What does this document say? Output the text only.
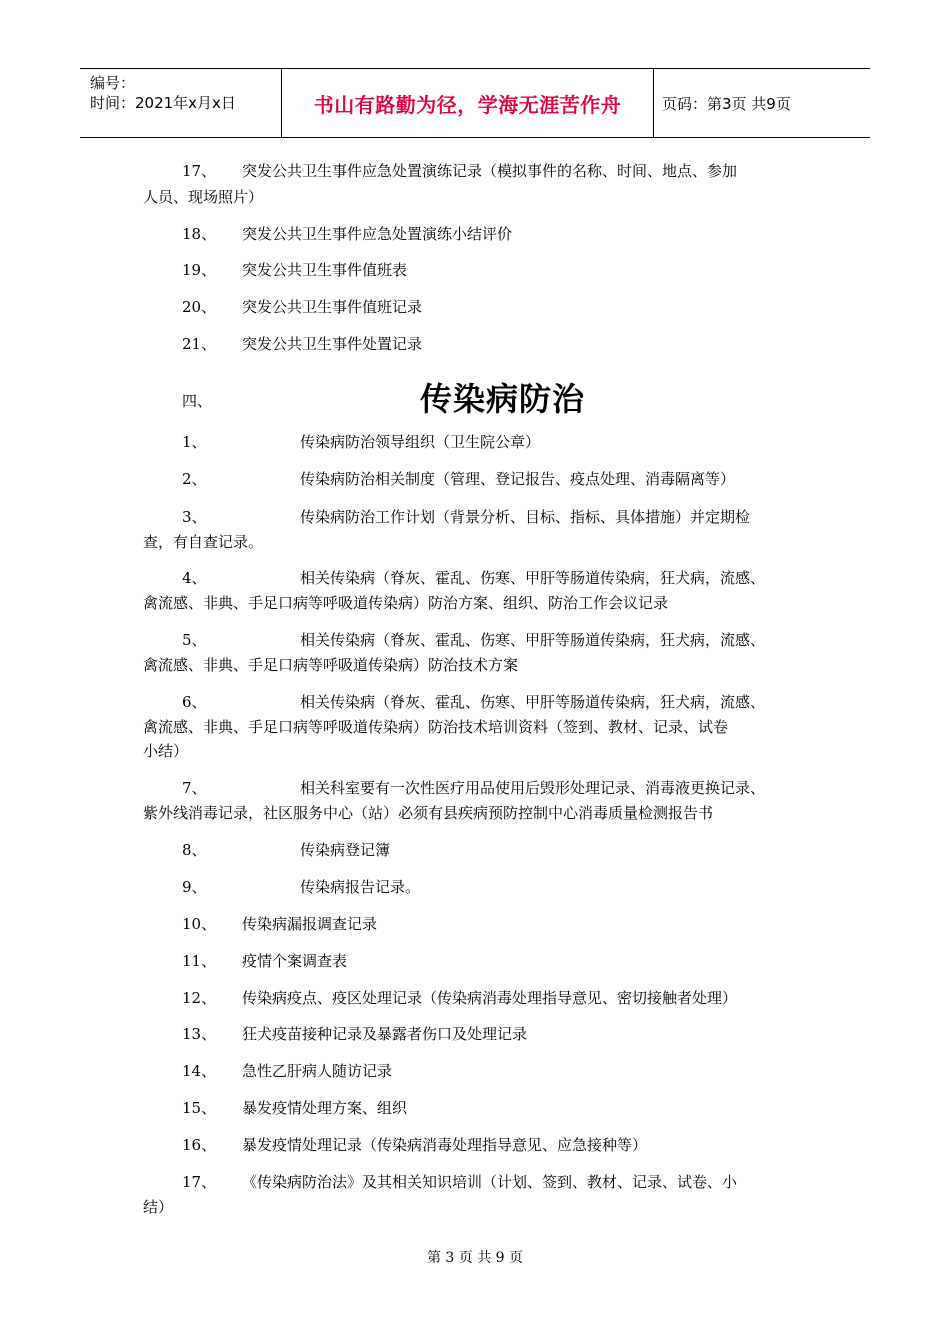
编号：
时间：2021年x月x日	书山有路勤为径，学海无涯苦作舟	页码：第3页 共9页
17、 突发公共卫生事件应急处置演练记录（模拟事件的名称、时间、地点、参加
人员、现场照片）
18、 突发公共卫生事件应急处置演练小结评价
19、 突发公共卫生事件值班表
20、 突发公共卫生事件值班记录
21、 突发公共卫生事件处置记录
四、	传染病防治
1、	传染病防治领导组织（卫生院公章）
2、	传染病防治相关制度（管理、登记报告、疫点处理、消毒隔离等）
3、	传染病防治工作计划（背景分析、目标、指标、具体措施）并定期检
查，有自查记录。
4、	相关传染病（脊灰、霍乱、伤寒、甲肝等肠道传染病，狂犬病，流感、
禽流感、非典、手足口病等呼吸道传染病）防治方案、组织、防治工作会议记录
5、	相关传染病（脊灰、霍乱、伤寒、甲肝等肠道传染病，狂犬病，流感、
禽流感、非典、手足口病等呼吸道传染病）防治技术方案
6、	相关传染病（脊灰、霍乱、伤寒、甲肝等肠道传染病，狂犬病，流感、
禽流感、非典、手足口病等呼吸道传染病）防治技术培训资料（签到、教材、记录、试卷
小结）
7、	相关科室要有一次性医疗用品使用后毁形处理记录、消毒液更换记录、
紫外线消毒记录，社区服务中心（站）必须有县疾病预防控制中心消毒质量检测报告书
8、	传染病登记簿
9、	传染病报告记录。
10、 传染病漏报调查记录
11、 疫情个案调查表
12、 传染病疫点、疫区处理记录（传染病消毒处理指导意见、密切接触者处理）
13、 狂犬疫苗接种记录及暴露者伤口及处理记录
14、 急性乙肝病人随访记录
15、 暴发疫情处理方案、组织
16、 暴发疫情处理记录（传染病消毒处理指导意见、应急接种等）
17、 《传染病防治法》及其相关知识培训（计划、签到、教材、记录、试卷、小
结）
第 3 页 共 9 页
